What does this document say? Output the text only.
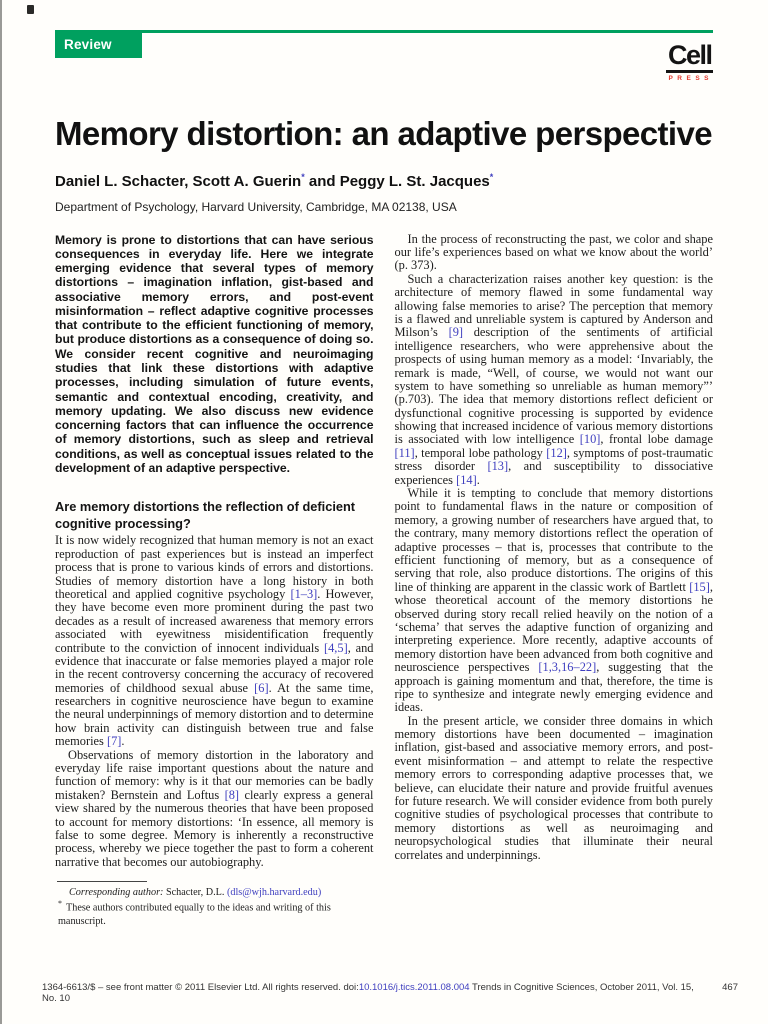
Review	Cell
PRESS
Memory distortion: an adaptive perspective
Daniel L. Schacter, Scott A. Guerin* and Peggy L. St. Jacques*
Department of Psychology, Harvard University, Cambridge, MA 02138, USA

Memory is prone to distortions that can have serious consequences in everyday life. Here we integrate emerging evidence that several types of memory distortions – imagination inflation, gist-based and associative memory errors, and post-event misinformation – reflect adaptive cognitive processes that contribute to the efficient functioning of memory, but produce distortions as a consequence of doing so. We consider recent cognitive and neuroimaging studies that link these distortions with adaptive processes, including simulation of future events, semantic and contextual encoding, creativity, and memory updating. We also discuss new evidence concerning factors that can influence the occurrence of memory distortions, such as sleep and retrieval conditions, as well as conceptual issues related to the development of an adaptive perspective.

Are memory distortions the reflection of deficient cognitive processing?

It is now widely recognized that human memory is not an exact reproduction of past experiences but is instead an imperfect process that is prone to various kinds of errors and distortions. Studies of memory distortion have a long history in both theoretical and applied cognitive psychology [1–3]. However, they have become even more prominent during the past two decades as a result of increased awareness that memory errors associated with eyewitness misidentification frequently contribute to the conviction of innocent individuals [4,5], and evidence that inaccurate or false memories played a major role in the recent controversy concerning the accuracy of recovered memories of childhood sexual abuse [6]. At the same time, researchers in cognitive neuroscience have begun to examine the neural underpinnings of memory distortion and to determine how brain activity can distinguish between true and false memories [7].

Observations of memory distortion in the laboratory and everyday life raise important questions about the nature and function of memory: why is it that our memories can be badly mistaken? Bernstein and Loftus [8] clearly express a general view shared by the numerous theories that have been proposed to account for memory distortions: ‘In essence, all memory is false to some degree. Memory is inherently a reconstructive process, whereby we piece together the past to form a coherent narrative that becomes our autobiography.

Corresponding author: Schacter, D.L. (dls@wjh.harvard.edu)
* These authors contributed equally to the ideas and writing of this manuscript.

In the process of reconstructing the past, we color and shape our life’s experiences based on what we know about the world’ (p. 373).

Such a characterization raises another key question: is the architecture of memory flawed in some fundamental way allowing false memories to arise? The perception that memory is a flawed and unreliable system is captured by Anderson and Milson’s [9] description of the sentiments of artificial intelligence researchers, who were apprehensive about the prospects of using human memory as a model: ‘Invariably, the remark is made, “Well, of course, we would not want our system to have something so unreliable as human memory”’ (p.703). The idea that memory distortions reflect deficient or dysfunctional cognitive processing is supported by evidence showing that increased incidence of various memory distortions is associated with low intelligence [10], frontal lobe damage [11], temporal lobe pathology [12], symptoms of post-traumatic stress disorder [13], and susceptibility to dissociative experiences [14].

While it is tempting to conclude that memory distortions point to fundamental flaws in the nature or composition of memory, a growing number of researchers have argued that, to the contrary, many memory distortions reflect the operation of adaptive processes – that is, processes that contribute to the efficient functioning of memory, but as a consequence of serving that role, also produce distortions. The origins of this line of thinking are apparent in the classic work of Bartlett [15], whose theoretical account of the memory distortions he observed during story recall relied heavily on the notion of a ‘schema’ that serves the adaptive function of organizing and interpreting experience. More recently, adaptive accounts of memory distortion have been advanced from both cognitive and neuroscience perspectives [1,3,16–22], suggesting that the approach is gaining momentum and that, therefore, the time is ripe to synthesize and integrate newly emerging evidence and ideas.

In the present article, we consider three domains in which memory distortions have been documented – imagination inflation, gist-based and associative memory errors, and post-event misinformation – and attempt to relate the respective memory errors to corresponding adaptive processes that, we believe, can elucidate their nature and provide fruitful avenues for future research. We will consider evidence from both purely cognitive studies of psychological processes that contribute to memory distortions as well as neuroimaging and neuropsychological studies that illuminate their neural correlates and underpinnings.

1364-6613/$ – see front matter © 2011 Elsevier Ltd. All rights reserved. doi:10.1016/j.tics.2011.08.004 Trends in Cognitive Sciences, October 2011, Vol. 15, No. 10
467
